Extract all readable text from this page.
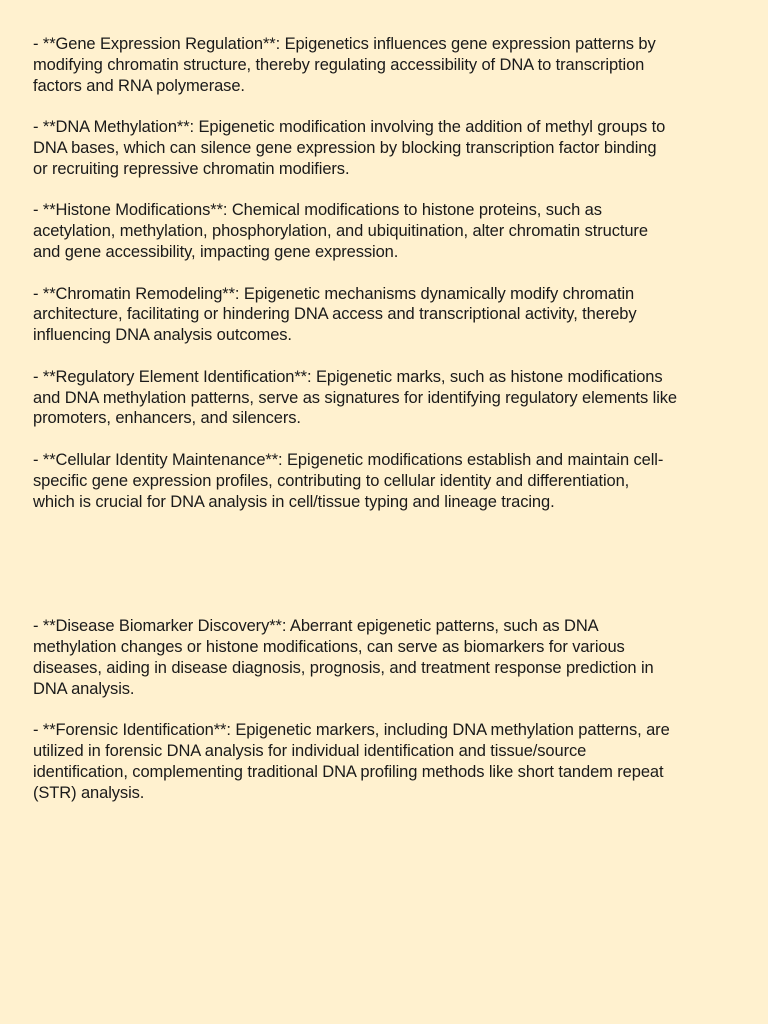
- **Gene Expression Regulation**: Epigenetics influences gene expression patterns by
modifying chromatin structure, thereby regulating accessibility of DNA to transcription
factors and RNA polymerase.

- **DNA Methylation**: Epigenetic modification involving the addition of methyl groups to
DNA bases, which can silence gene expression by blocking transcription factor binding
or recruiting repressive chromatin modifiers.

- **Histone Modifications**: Chemical modifications to histone proteins, such as
acetylation, methylation, phosphorylation, and ubiquitination, alter chromatin structure
and gene accessibility, impacting gene expression.

- **Chromatin Remodeling**: Epigenetic mechanisms dynamically modify chromatin
architecture, facilitating or hindering DNA access and transcriptional activity, thereby
influencing DNA analysis outcomes.

- **Regulatory Element Identification**: Epigenetic marks, such as histone modifications
and DNA methylation patterns, serve as signatures for identifying regulatory elements like
promoters, enhancers, and silencers.

- **Cellular Identity Maintenance**: Epigenetic modifications establish and maintain cell-
specific gene expression profiles, contributing to cellular identity and differentiation,
which is crucial for DNA analysis in cell/tissue typing and lineage tracing.

- **Disease Biomarker Discovery**: Aberrant epigenetic patterns, such as DNA
methylation changes or histone modifications, can serve as biomarkers for various
diseases, aiding in disease diagnosis, prognosis, and treatment response prediction in
DNA analysis.

- **Forensic Identification**: Epigenetic markers, including DNA methylation patterns, are
utilized in forensic DNA analysis for individual identification and tissue/source
identification, complementing traditional DNA profiling methods like short tandem repeat
(STR) analysis.
